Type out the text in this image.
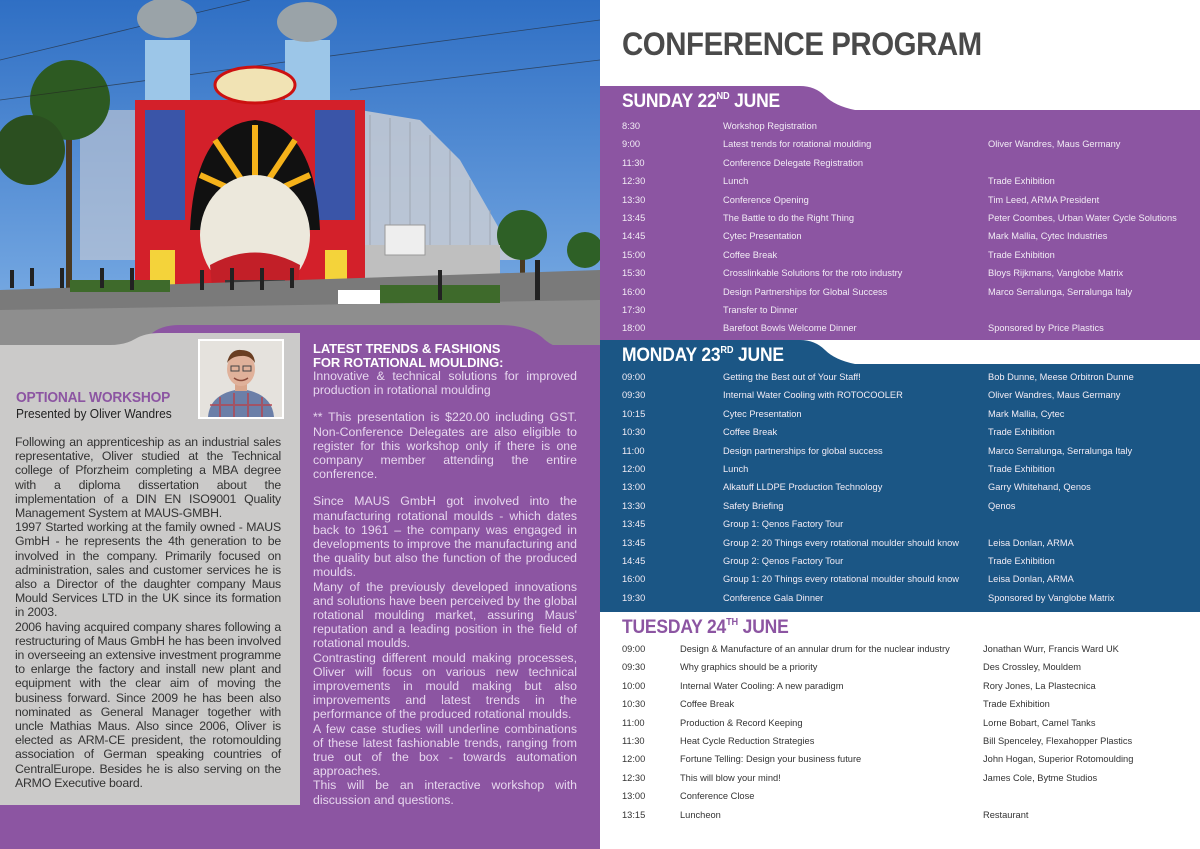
OPTIONAL WORKSHOP
Presented by Oliver Wandres

Following an apprenticeship as an industrial sales representative, Oliver studied at the Technical college of Pforzheim completing a MBA degree with a diploma dissertation about the implementation of a DIN EN ISO9001 Quality Management System at MAUS-GMBH.

1997 Started working at the family owned - MAUS GmbH - he represents the 4th generation to be involved in the company. Primarily focused on administration, sales and customer services he is also a Director of the daughter company Maus Mould Services LTD in the UK since its formation in 2003.

2006 having acquired company shares following a restructuring of Maus GmbH he has been involved in overseeing an extensive investment programme to enlarge the factory and install new plant and equipment with the clear aim of moving the business forward. Since 2009 he has been also nominated as General Manager together with uncle Mathias Maus. Also since 2006, Oliver is elected as ARM-CE president, the rotomoulding association of German speaking countries of CentralEurope. Besides he is also serving on the ARMO Executive board.

LATEST TRENDS & FASHIONS
FOR ROTATIONAL MOULDING:

Innovative & technical solutions for improved production in rotational moulding

** This presentation is $220.00 including GST. Non-Conference Delegates are also eligible to register for this workshop only if there is one company member attending the entire conference.

Since MAUS GmbH got involved into the manufacturing rotational moulds - which dates back to 1961 – the company was engaged in developments to improve the manufacturing and the quality but also the function of the produced moulds.

Many of the previously developed innovations and solutions have been perceived by the global rotational moulding market, assuring Maus' reputation and a leading position in the field of rotational moulds.

Contrasting different mould making processes, Oliver will focus on various new technical improvements in mould making but also improvements and latest trends in the performance of the produced rotational moulds.

A few case studies will underline combinations of these latest fashionable trends, ranging from true out of the box - towards automation approaches.

This will be an interactive workshop with discussion and questions.

CONFERENCE PROGRAM
SUNDAY 22ND JUNE
8:30	Workshop Registration
9:00	Latest trends for rotational moulding	Oliver Wandres, Maus Germany
11:30	Conference Delegate Registration
12:30	Lunch	Trade Exhibition
13:30	Conference Opening	Tim Leed, ARMA President
13:45	The Battle to do the Right Thing	Peter Coombes, Urban Water Cycle Solutions
14:45	Cytec Presentation	Mark Mallia, Cytec Industries
15:00	Coffee Break	Trade Exhibition
15:30	Crosslinkable Solutions for the roto industry	Bloys Rijkmans, Vanglobe Matrix
16:00	Design Partnerships for Global Success	Marco Serralunga, Serralunga Italy
17:30	Transfer to Dinner
18:00	Barefoot Bowls Welcome Dinner	Sponsored by Price Plastics
MONDAY 23RD JUNE
09:00	Getting the Best out of Your Staff!	Bob Dunne, Meese Orbitron Dunne
09:30	Internal Water Cooling with ROTOCOOLER	Oliver Wandres, Maus Germany
10:15	Cytec Presentation	Mark Mallia, Cytec
10:30	Coffee Break	Trade Exhibition
11:00	Design partnerships for global success	Marco Serralunga, Serralunga Italy
12:00	Lunch	Trade Exhibition
13:00	Alkatuff LLDPE Production Technology	Garry Whitehand, Qenos
13:30	Safety Briefing	Qenos
13:45	Group 1: Qenos Factory Tour
13:45	Group 2: 20 Things every rotational moulder should know	Leisa Donlan, ARMA
14:45	Group 2: Qenos Factory Tour	Trade Exhibition
16:00	Group 1: 20 Things every rotational moulder should know	Leisa Donlan, ARMA
19:30	Conference Gala Dinner	Sponsored by Vanglobe Matrix
TUESDAY 24TH JUNE
09:00	Design & Manufacture of an annular drum for the nuclear industry	Jonathan Wurr, Francis Ward UK
09:30	Why graphics should be a priority	Des Crossley, Mouldem
10:00	Internal Water Cooling: A new paradigm	Rory Jones, La Plastecnica
10:30	Coffee Break	Trade Exhibition
11:00	Production & Record Keeping	Lorne Bobart, Camel Tanks
11:30	Heat Cycle Reduction Strategies	Bill Spenceley, Flexahopper Plastics
12:00	Fortune Telling: Design your business future	John Hogan, Superior Rotomoulding
12:30	This will blow your mind!	James Cole, Bytme Studios
13:00	Conference Close
13:15	Luncheon	Restaurant
